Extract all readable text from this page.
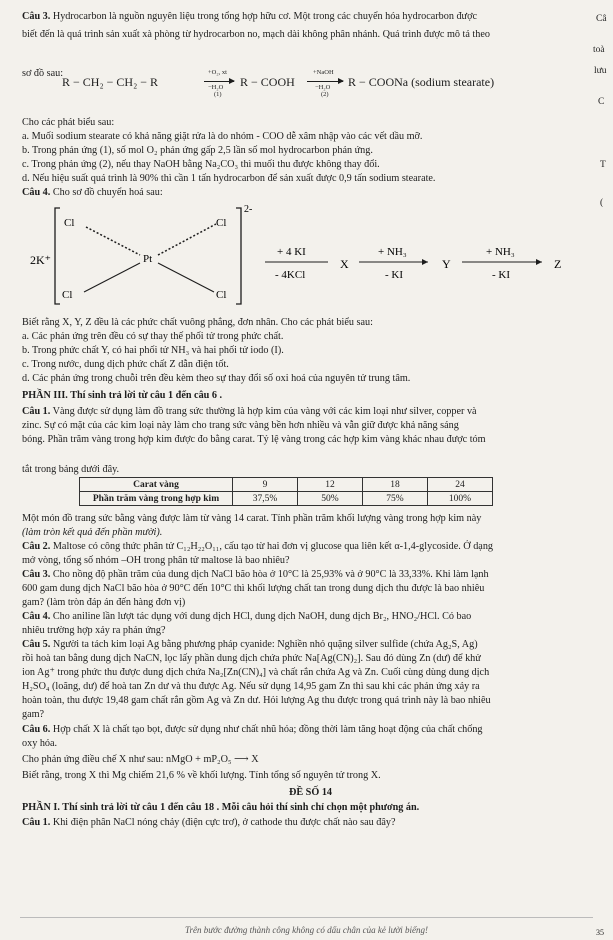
Câ
toà
lưu
C
T
(
Câu 3. Hydrocarbon là nguồn nguyên liệu trong tổng hợp hữu cơ. Một trong các chuyển hóa hydrocarbon được
biết đến là quá trình sản xuất xà phòng từ hydrocarbon no, mạch dài không phân nhánh. Quá trình được mô tả theo
sơ đồ sau:
R − CH₂ − CH₂ − R
+O₂, xt
−H₂O
(1)
R − COOH
+NaOH
−H₂O
(2)
R − COONa (sodium stearate)
Cho các phát biểu sau:
a. Muối sodium stearate có khả năng giặt rửa là do nhóm - COO dễ xâm nhập vào các vết dầu mỡ.
b. Trong phản ứng (1), số mol O₂ phản ứng gấp 2,5 lần số mol hydrocarbon phản ứng.
c. Trong phản ứng (2), nếu thay NaOH bằng Na₂CO₃ thì muối thu được không thay đổi.
d. Nếu hiệu suất quá trình là 90% thì cần 1 tấn hydrocarbon để sản xuất được 0,9 tấn sodium stearate.
Câu 4. Cho sơ đồ chuyển hoá sau:
2K⁺
2-
Pt
Cl	Cl
Cl	Cl
+ 4 KI
- 4KCl
X
+ NH₃
- KI
Y
+ NH₃
- KI
Z
Biết rằng X, Y, Z đều là các phức chất vuông phẳng, đơn nhân. Cho các phát biểu sau:
a. Các phản ứng trên đều có sự thay thế phối tử trong phức chất.
b. Trong phức chất Y, có hai phối tử NH₃ và hai phối tử iodo (I).
c. Trong nước, dung dịch phức chất Z dẫn điện tốt.
d. Các phản ứng trong chuỗi trên đều kèm theo sự thay đổi số oxi hoá của nguyên tử trung tâm.
PHẦN III. Thí sinh trả lời từ câu 1 đến câu 6 .
Câu 1. Vàng được sử dụng làm đồ trang sức thường là hợp kim của vàng với các kim loại như silver, copper và
zinc. Sự có mặt của các kim loại này làm cho trang sức vàng bền hơn nhiều và vẫn giữ được khả năng sáng
bóng. Phần trăm vàng trong hợp kim được đo bằng carat. Tỷ lệ vàng trong các hợp kim vàng khác nhau được tóm
tắt trong bảng dưới đây.
Carat vàng	9	12	18	24
Phần trăm vàng trong hợp kim	37,5%	50%	75%	100%
Một món đồ trang sức bằng vàng được làm từ vàng 14 carat. Tính phần trăm khối lượng vàng trong hợp kim này
(làm tròn kết quả đến phần mười).
Câu 2. Maltose có công thức phân tử C₁₂H₂₂O₁₁, cấu tạo từ hai đơn vị glucose qua liên kết α-1,4-glycoside. Ở dạng
mở vòng, tổng số nhóm –OH trong phân tử maltose là bao nhiêu?
Câu 3. Cho nồng độ phần trăm của dung dịch NaCl bão hòa ở 10°C là 25,93% và ở 90°C là 33,33%. Khi làm lạnh
600 gam dung dịch NaCl bão hòa ở 90°C đến 10°C thì khối lượng chất tan trong dung dịch thu được là bao nhiêu
gam? (làm tròn đáp án đến hàng đơn vị)
Câu 4. Cho aniline lần lượt tác dụng với dung dịch HCl, dung dịch NaOH, dung dịch Br₂, HNO₂/HCl. Có bao
nhiêu trường hợp xảy ra phản ứng?
Câu 5. Người ta tách kim loại Ag bằng phương pháp cyanide: Nghiền nhỏ quặng silver sulfide (chứa Ag₂S, Ag)
rồi hoà tan bằng dung dịch NaCN, lọc lấy phần dung dịch chứa phức Na[Ag(CN)₂]. Sau đó dùng Zn (dư) để khử
ion Ag⁺ trong phức thu được dung dịch chứa Na₂[Zn(CN)₄] và chất rắn chứa Ag và Zn. Cuối cùng dùng dung dịch
H₂SO₄ (loãng, dư) để hoà tan Zn dư và thu được Ag. Nếu sử dụng 14,95 gam Zn thì sau khi các phản ứng xảy ra
hoàn toàn, thu được 19,48 gam chất rắn gồm Ag và Zn dư. Hỏi lượng Ag thu được trong quá trình này là bao nhiêu
gam?
Câu 6. Hợp chất X là chất tạo bọt, được sử dụng như chất nhũ hóa; đồng thời làm tăng hoạt động của chất chống
oxy hóa.
Cho phản ứng điều chế X như sau: nMgO + mP₂O₅ ⟶ X
Biết rằng, trong X thì Mg chiếm 21,6 % về khối lượng. Tính tổng số nguyên tử trong X.
ĐỀ SỐ 14
PHẦN I. Thí sinh trả lời từ câu 1 đến câu 18 . Mỗi câu hỏi thí sinh chỉ chọn một phương án.
Câu 1. Khi điện phân NaCl nóng chảy (điện cực trơ), ở cathode thu được chất nào sau đây?
Trên bước đường thành công không có dấu chân của kẻ lười biếng!	35
